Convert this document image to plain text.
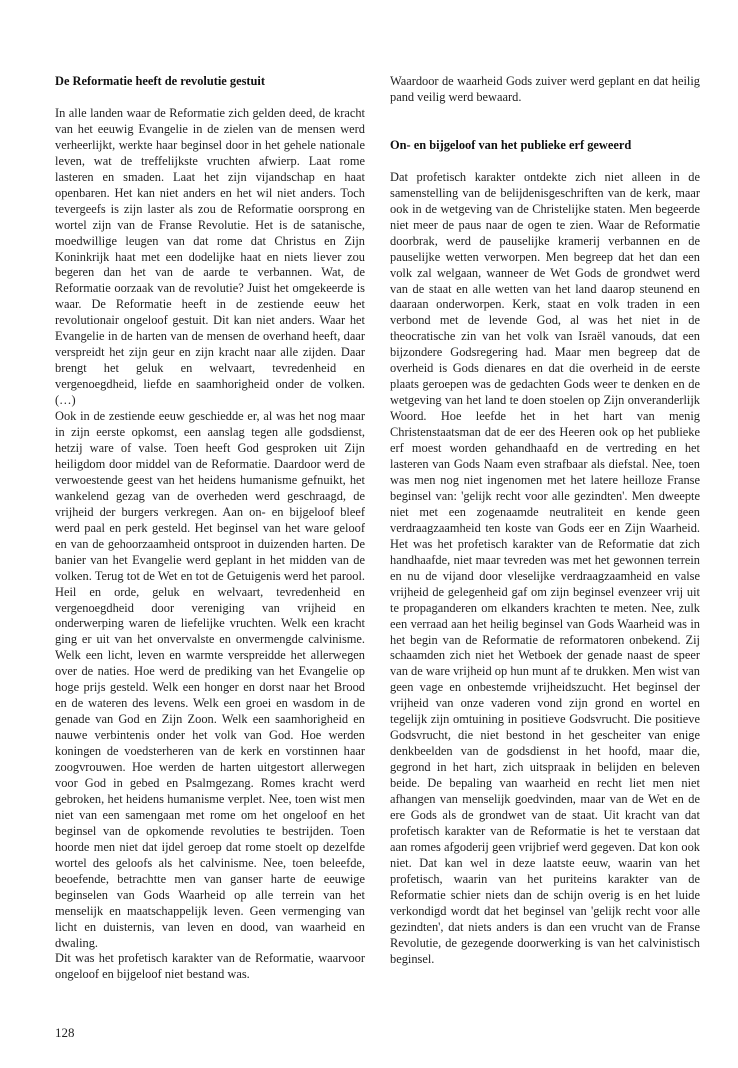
De Reformatie heeft de revolutie gestuit

In alle landen waar de Reformatie zich gelden deed, de kracht van het eeuwig Evangelie in de zielen van de mensen werd verheerlijkt, werkte haar beginsel door in het gehele nationale leven, wat de treffelijkste vruchten afwierp. Laat rome lasteren en smaden. Laat het zijn vijandschap en haat openbaren. Het kan niet anders en het wil niet anders. Toch tevergeefs is zijn laster als zou de Reformatie oorsprong en wortel zijn van de Franse Revolutie. Het is de satanische, moedwillige leugen van dat rome dat Christus en Zijn Koninkrijk haat met een dodelijke haat en niets liever zou begeren dan het van de aarde te verbannen. Wat, de Reformatie oorzaak van de revolutie? Juist het omgekeerde is waar. De Reformatie heeft in de zestiende eeuw het revolutionair ongeloof gestuit. Dit kan niet anders. Waar het Evangelie in de harten van de mensen de overhand heeft, daar verspreidt het zijn geur en zijn kracht naar alle zijden. Daar brengt het geluk en welvaart, tevredenheid en vergenoegdheid, liefde en saamhorigheid onder de volken. (…)

Ook in de zestiende eeuw geschiedde er, al was het nog maar in zijn eerste opkomst, een aanslag tegen alle godsdienst, hetzij ware of valse. Toen heeft God gesproken uit Zijn heiligdom door middel van de Reformatie. Daardoor werd de verwoestende geest van het heidens humanisme gefnuikt, het wankelend gezag van de overheden werd geschraagd, de vrijheid der burgers verkregen. Aan on- en bijgeloof bleef werd paal en perk gesteld. Het beginsel van het ware geloof en van de gehoorzaamheid ontsproot in duizenden harten. De banier van het Evangelie werd geplant in het midden van de volken. Terug tot de Wet en tot de Getuigenis werd het parool. Heil en orde, geluk en welvaart, tevredenheid en vergenoegdheid door vereniging van vrijheid en onderwerping waren de liefelijke vruchten. Welk een kracht ging er uit van het onvervalste en onvermengde calvinisme. Welk een licht, leven en warmte verspreidde het allerwegen over de naties. Hoe werd de prediking van het Evangelie op hoge prijs gesteld. Welk een honger en dorst naar het Brood en de wateren des levens. Welk een groei en wasdom in de genade van God en Zijn Zoon. Welk een saamhorigheid en nauwe verbintenis onder het volk van God. Hoe werden koningen de voedsterheren van de kerk en vorstinnen haar zoogvrouwen. Hoe werden de harten uitgestort allerwegen voor God in gebed en Psalmgezang. Romes kracht werd gebroken, het heidens humanisme verplet. Nee, toen wist men niet van een samengaan met rome om het ongeloof en het beginsel van de opkomende revoluties te bestrijden. Toen hoorde men niet dat ijdel geroep dat rome stoelt op dezelfde wortel des geloofs als het calvinisme. Nee, toen beleefde, beoefende, betrachtte men van ganser harte de eeuwige beginselen van Gods Waarheid op alle terrein van het menselijk en maatschappelijk leven. Geen vermenging van licht en duisternis, van leven en dood, van waarheid en dwaling.

Dit was het profetisch karakter van de Reformatie, waarvoor ongeloof en bijgeloof niet bestand was.

Waardoor de waarheid Gods zuiver werd geplant en dat heilig pand veilig werd bewaard.

On- en bijgeloof van het publieke erf geweerd

Dat profetisch karakter ontdekte zich niet alleen in de samenstelling van de belijdenisgeschriften van de kerk, maar ook in de wetgeving van de Christelijke staten. Men begeerde niet meer de paus naar de ogen te zien. Waar de Reformatie doorbrak, werd de pauselijke kramerij verbannen en de pauselijke wetten verworpen. Men begreep dat het dan een volk zal welgaan, wanneer de Wet Gods de grondwet werd van de staat en alle wetten van het land daarop steunend en daaraan onderworpen. Kerk, staat en volk traden in een verbond met de levende God, al was het niet in de theocratische zin van het volk van Israël vanouds, dat een bijzondere Godsregering had. Maar men begreep dat de overheid is Gods dienares en dat die overheid in de eerste plaats geroepen was de gedachten Gods weer te denken en de wetgeving van het land te doen stoelen op Zijn onveranderlijk Woord. Hoe leefde het in het hart van menig Christenstaatsman dat de eer des Heeren ook op het publieke erf moest worden gehandhaafd en de vertreding en het lasteren van Gods Naam even strafbaar als diefstal. Nee, toen was men nog niet ingenomen met het latere heilloze Franse beginsel van: 'gelijk recht voor alle gezindten'. Men dweepte niet met een zogenaamde neutraliteit en kende geen verdraagzaamheid ten koste van Gods eer en Zijn Waarheid. Het was het profetisch karakter van de Reformatie dat zich handhaafde, niet maar tevreden was met het gewonnen terrein en nu de vijand door vleselijke verdraagzaamheid en valse vrijheid de gelegenheid gaf om zijn beginsel evenzeer vrij uit te propaganderen om elkanders krachten te meten. Nee, zulk een verraad aan het heilig beginsel van Gods Waarheid was in het begin van de Reformatie de reformatoren onbekend. Zij schaamden zich niet het Wetboek der genade naast de speer van de ware vrijheid op hun munt af te drukken. Men wist van geen vage en onbestemde vrijheidszucht. Het beginsel der vrijheid van onze vaderen vond zijn grond en wortel en tegelijk zijn omtuining in positieve Godsvrucht. Die positieve Godsvrucht, die niet bestond in het gescheiter van enige denkbeelden van de godsdienst in het hoofd, maar die, gegrond in het hart, zich uitspraak in belijden en beleven beide. De bepaling van waarheid en recht liet men niet afhangen van menselijk goedvinden, maar van de Wet en de ere Gods als de grondwet van de staat. Uit kracht van dat profetisch karakter van de Reformatie is het te verstaan dat aan romes afgoderij geen vrijbrief werd gegeven. Dat kon ook niet. Dat kan wel in deze laatste eeuw, waarin van het profetisch, waarin van het puriteins karakter van de Reformatie schier niets dan de schijn overig is en het luide verkondigd wordt dat het beginsel van 'gelijk recht voor alle gezindten', dat niets anders is dan een vrucht van de Franse Revolutie, de gezegende doorwerking is van het calvinistisch beginsel.

128
